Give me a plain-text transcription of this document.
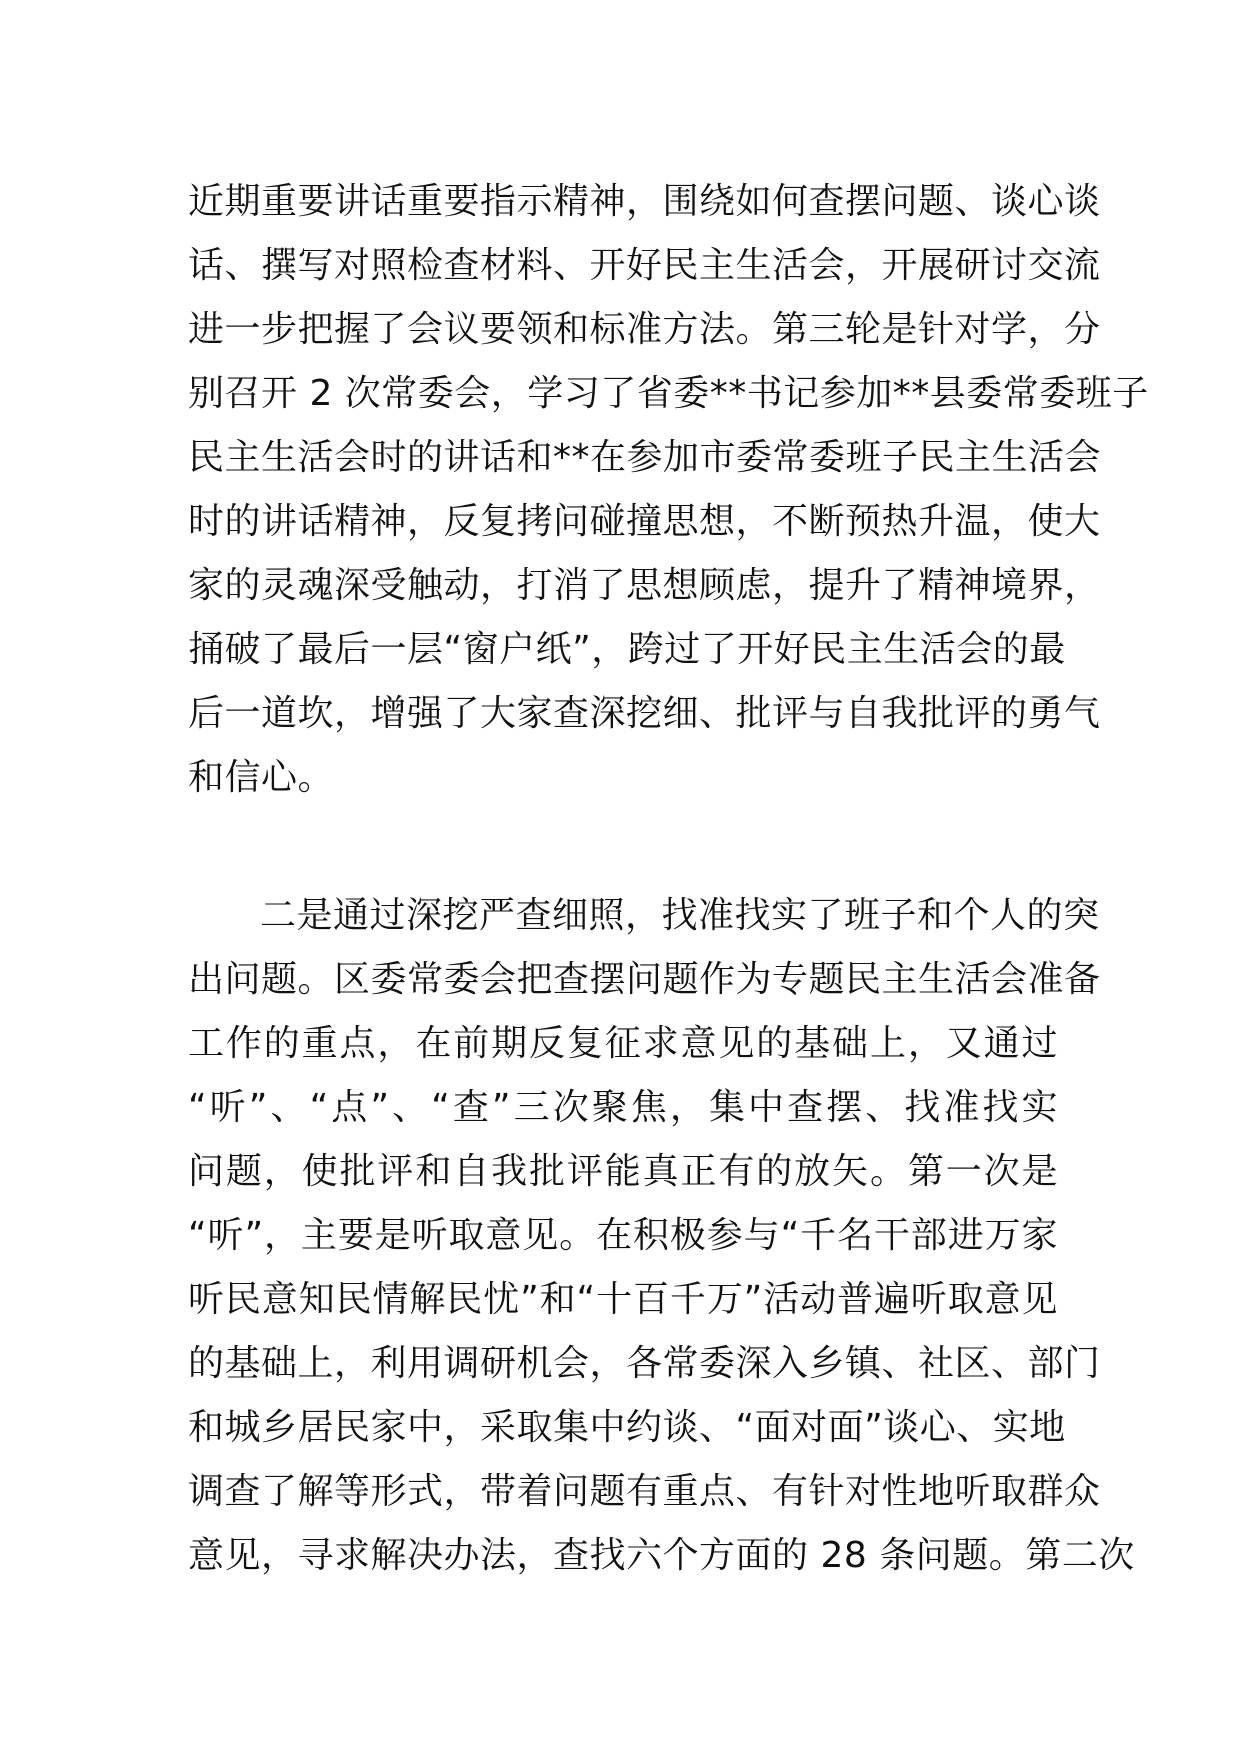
近期重要讲话重要指示精神，围绕如何查摆问题、谈心谈
话、撰写对照检查材料、开好民主生活会，开展研讨交流
进一步把握了会议要领和标准方法。第三轮是针对学，分
别召开 2 次常委会，学习了省委**书记参加**县委常委班子
民主生活会时的讲话和**在参加市委常委班子民主生活会
时的讲话精神，反复拷问碰撞思想，不断预热升温，使大
家的灵魂深受触动，打消了思想顾虑，提升了精神境界，
捅破了最后一层“窗户纸”，跨过了开好民主生活会的最
后一道坎，增强了大家查深挖细、批评与自我批评的勇气
和信心。
二是通过深挖严查细照，找准找实了班子和个人的突
出问题。区委常委会把查摆问题作为专题民主生活会准备
工作的重点，在前期反复征求意见的基础上，又通过
“听”、“点”、“查”三次聚焦，集中查摆、找准找实
问题，使批评和自我批评能真正有的放矢。第一次是
“听”，主要是听取意见。在积极参与“千名干部进万家
听民意知民情解民忧”和“十百千万”活动普遍听取意见
的基础上，利用调研机会，各常委深入乡镇、社区、部门
和城乡居民家中，采取集中约谈、“面对面”谈心、实地
调查了解等形式，带着问题有重点、有针对性地听取群众
意见，寻求解决办法，查找六个方面的 28 条问题。第二次
